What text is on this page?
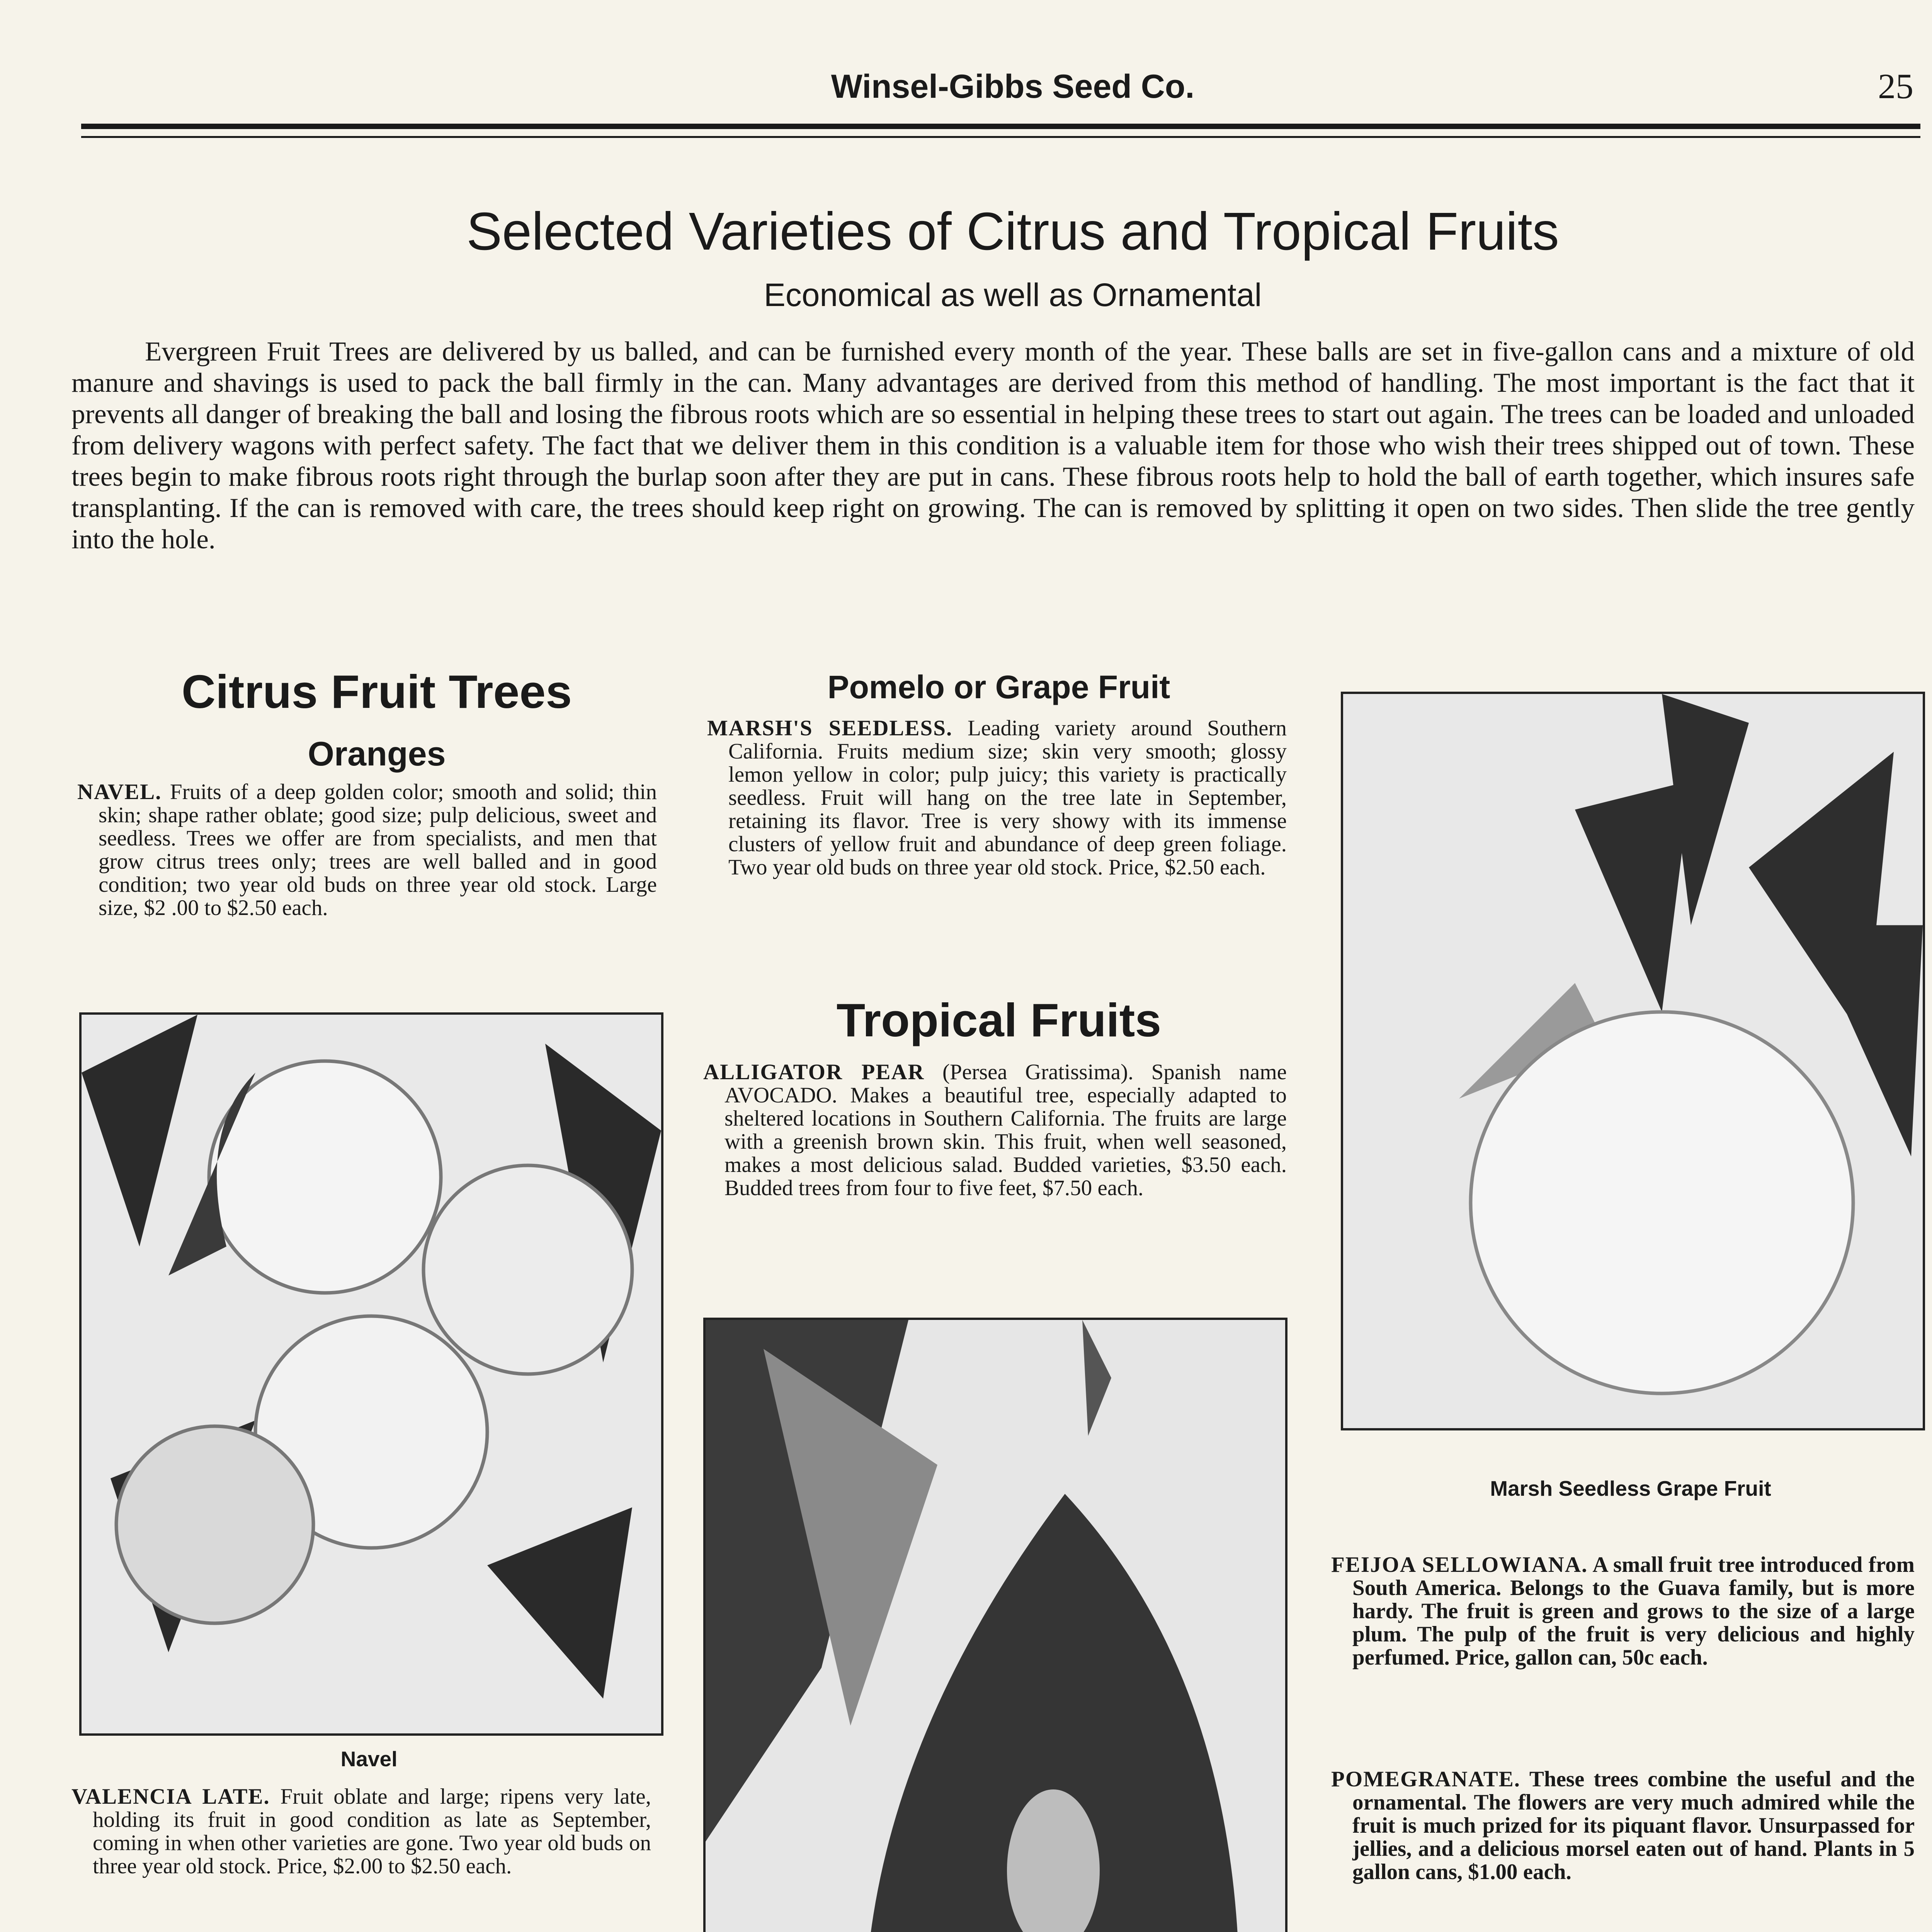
Winsel-Gibbs Seed Co.	25
Selected Varieties of Citrus and Tropical Fruits
Economical as well as Ornamental
Evergreen Fruit Trees are delivered by us balled, and can be furnished every month of the year. These balls are set in five-gallon cans and a mixture of old manure and shavings is used to pack the ball firmly in the can. Many advantages are derived from this method of handling. The most important is the fact that it prevents all danger of breaking the ball and losing the fibrous roots which are so essential in helping these trees to start out again. The trees can be loaded and unloaded from delivery wagons with perfect safety. The fact that we deliver them in this condition is a valuable item for those who wish their trees shipped out of town. These trees begin to make fibrous roots right through the burlap soon after they are put in cans. These fibrous roots help to hold the ball of earth together, which insures safe transplanting. If the can is removed with care, the trees should keep right on growing. The can is removed by splitting it open on two sides. Then slide the tree gently into the hole.
Citrus Fruit Trees
Oranges

NAVEL. Fruits of a deep golden color; smooth and solid; thin skin; shape rather oblate; good size; pulp delicious, sweet and seedless. Trees we offer are from specialists, and men that grow citrus trees only; trees are well balled and in good condition; two year old buds on three year old stock. Large size, $2 .00 to $2.50 each.

Navel

VALENCIA LATE. Fruit oblate and large; ripens very late, holding its fruit in good condition as late as September, coming in when other varieties are gone. Two year old buds on three year old stock. Price, $2.00 to $2.50 each.

Pomelo or Grape Fruit

MARSH'S SEEDLESS. Leading variety around Southern California. Fruits medium size; skin very smooth; glossy lemon yellow in color; pulp juicy; this variety is practically seedless. Fruit will hang on the tree late in September, retaining its flavor. Tree is very showy with its immense clusters of yellow fruit and abundance of deep green foliage. Two year old buds on three year old stock. Price, $2.50 each.

Tropical Fruits

ALLIGATOR PEAR (Persea Gratissima). Spanish name AVOCADO. Makes a beautiful tree, especially adapted to sheltered locations in Southern California. The fruits are large with a greenish brown skin. This fruit, when well seasoned, makes a most delicious salad. Budded varieties, $3.50 each. Budded trees from four to five feet, $7.50 each.

Marsh Seedless Grape Fruit

FEIJOA SELLOWIANA. A small fruit tree introduced from South America. Belongs to the Guava family, but is more hardy. The fruit is green and grows to the size of a large plum. The pulp of the fruit is very delicious and highly perfumed. Price, gallon can, 50c each.

POMEGRANATE. These trees combine the useful and the ornamental. The flowers are very much admired while the fruit is much prized for its piquant flavor. Unsurpassed for jellies, and a delicious morsel eaten out of hand. Plants in 5 gallon cans, $1.00 each.
